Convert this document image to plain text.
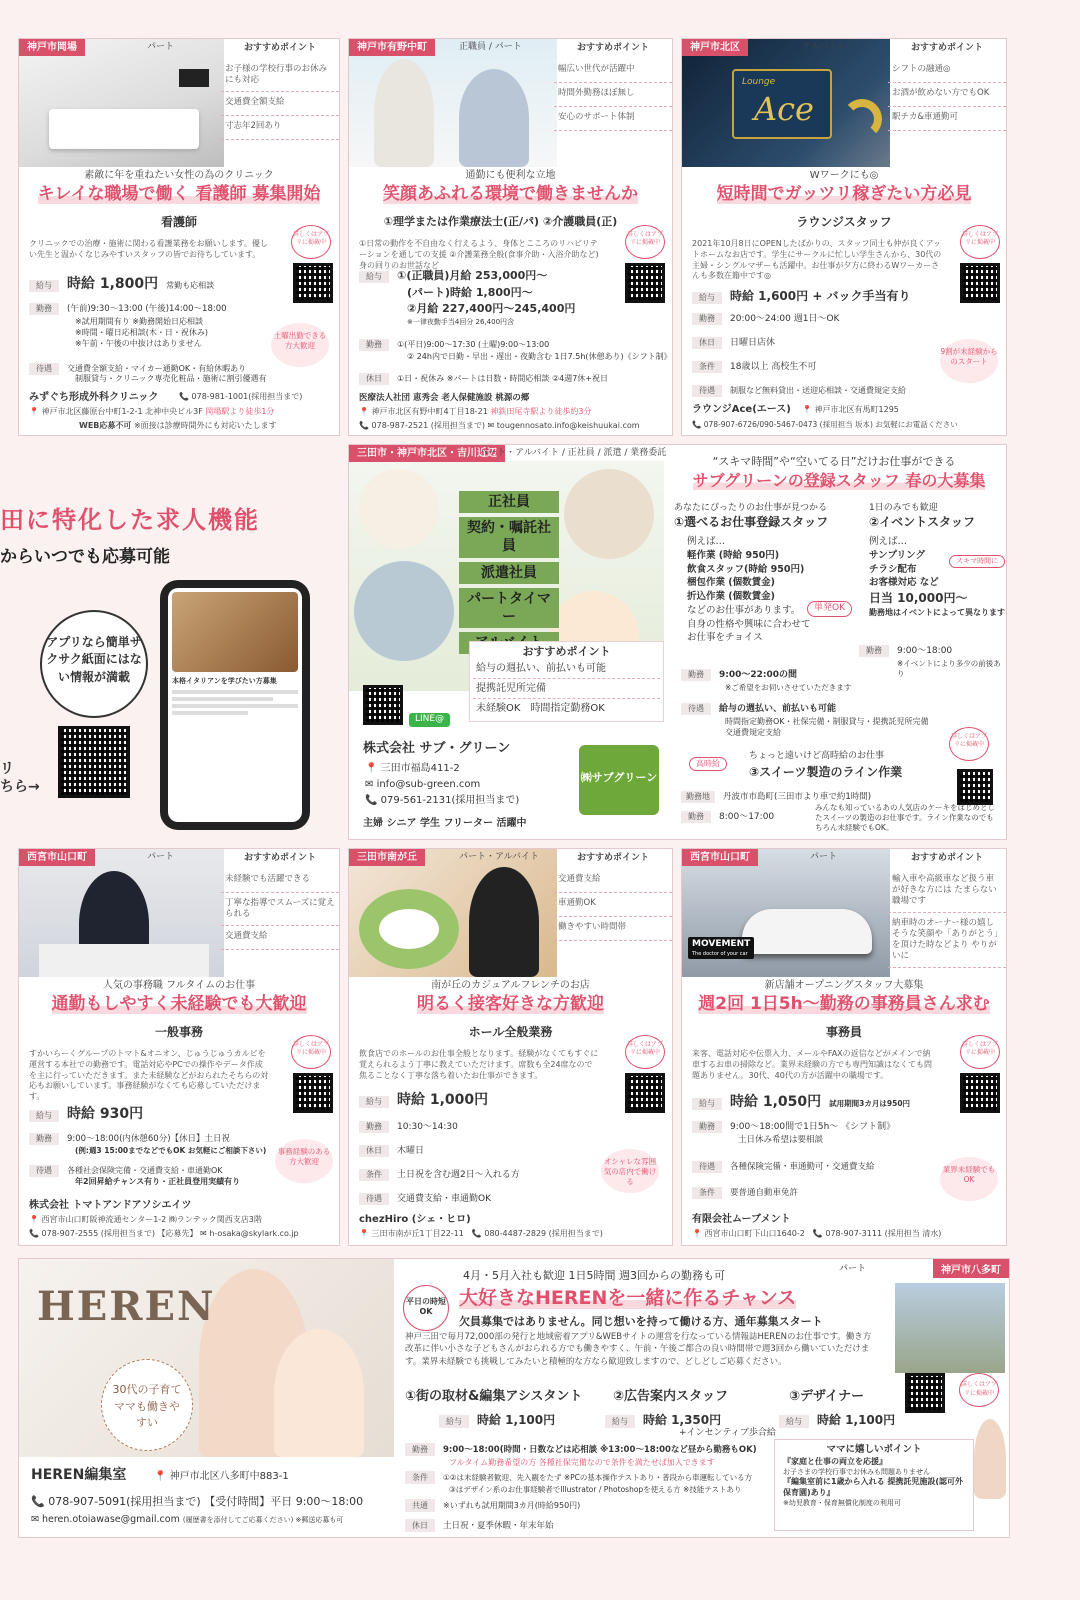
神戸市岡場	パート	おすすめポイント
お子様の学校行事のお休みにも対応
交通費全額支給
寸志年2回あり
素敵に年を重ねたい女性の為のクリニック
キレイな職場で働く 看護師 募集開始
看護師
クリニックでの治療・施術に関わる看護業務をお願いします。優しい先生と温かくなじみやすいスタッフの皆でお待ちしています。
詳しくはアプリに掲載中
給与	時給 1,800円 常勤も応相談
勤務	(午前)9:30〜13:00 (午後)14:00〜18:00
※試用期間有り ※勤務開始日応相談
※時間・曜日応相談(木・日・祝休み)
※午前・午後の中抜けはありません
土曜出勤できる方大歓迎
待遇	交通費全額支給・マイカー通勤OK・有給休暇あり
制服貸与・クリニック専売化粧品・施術に割引優遇有
みずぐち形成外科クリニック	📞 078-981-1001(採用担当まで)
📍 神戸市北区藤原台中町1-2-1 北神中央ビル3F 岡場駅より徒歩1分
WEB応募不可 ※面接は診療時間外にも対応いたします
神戸市有野中町	正職員 / パート	おすすめポイント
幅広い世代が活躍中
時間外勤務ほぼ無し
安心のサポート体制
通勤にも便利な立地
笑顔あふれる環境で働きませんか
①理学または作業療法士(正/パ) ②介護職員(正)
①日常の動作を不自由なく行えるよう、身体とこころのリハビリテーションを通しての支援 ②介護業務全般(食事介助・入浴介助など)身の回りのお世話など
詳しくはアプリに掲載中
給与	①(正職員)月給 253,000円〜
(パート)時給 1,800円〜
②月給 227,400円〜245,400円
※一律夜勤手当4回分 26,400円含
勤務	①(平日)9:00〜17:30 (土曜)9:00〜13:00
② 24h内で日勤・早出・遅出・夜勤含む 1日7.5h(休憩あり)《シフト制》
休日	①日・祝休み ※パートは日数・時間応相談 ②4週7休+祝日
医療法人社団 恵秀会 老人保健施設 桃源の郷
📍 神戸市北区有野中町4丁目18-21 神鉄田尾寺駅より徒歩約3分
📞 078-987-2521 (採用担当まで) ✉ tougennosato.info@keishuukai.com
Lounge
Ace
神戸市北区	アルバイト	おすすめポイント
シフトの融通◎
お酒が飲めない方でもOK
駅チカ&車通勤可
Wワークにも◎
短時間でガッツリ稼ぎたい方必見
ラウンジスタッフ
2021年10月8日にOPENしたばかりの、スタッフ同士も仲が良くアットホームなお店です。学生にサークルに忙しい学生さんから、30代の主婦・シングルマザーも活躍中。お仕事が夕方に終わるWワーカーさんも多数在籍中です◎
詳しくはアプリに掲載中
給与	時給 1,600円 + バック手当有り
勤務	20:00〜24:00 週1日〜OK
休日	日曜日店休
条件	18歳以上 高校生不可
待遇	制服など無料貸出・送迎応相談・交通費規定支給
9割が未経験からのスタート
ラウンジAce(エース) 📍 神戸市北区有馬町1295
📞 078-907-6726/090-5467-0473 (採用担当 坂本) お気軽にお電話ください
田に特化した求人機能
からいつでも応募可能
アプリなら簡単サクサク紙面にはない情報が満載	本格イタリアンを学びたい方募集
リ
ちら→
三田市・神戸市北区・吉川近辺
パート・アルバイト / 正社員 / 派遣 / 業務委託
正社員
契約・嘱託社員
派遣社員
パートタイマー
おすすめポイント
給与の週払い、前払いも可能
提携託児所完備
未経験OK　 時間指定勤務OK
LINE@
株式会社 サブ・グリーン
📍 三田市福島411-2
✉ info@sub-green.com
📞 079-561-2131(採用担当まで)
主婦 シニア 学生 フリーター 活躍中
㈱サブグリーン
“スキマ時間”や“空いてる日”だけお仕事ができる
サブグリーンの登録スタッフ 春の大募集
あなたにぴったりのお仕事が見つかる
①選べるお仕事登録スタッフ
例えば…
軽作業 (時給 950円)
飲食スタッフ(時給 950円)
梱包作業 (個数賃金)
折込作業 (個数賃金)
などのお仕事があります。
自身の性格や興味に合わせて
お仕事をチョイス
単発OK
1日のみでも歓迎
②イベントスタッフ
例えば…
サンプリング
チラシ配布
お客様対応 など
日当 10,000円〜
勤務地はイベントによって異なります
スキマ時間に
勤務	9:00〜22:00の間
※ご希望をお伺いさせていただきます
勤務	9:00〜18:00
※イベントにより多少の前後あり
待遇	給与の週払い、前払いも可能
時間指定勤務OK・社保完備・制服貸与・提携託児所完備
交通費規定支給	詳しくはアプリに掲載中
ちょっと遠いけど高時給のお仕事
③スイーツ製造のライン作業
高時給
勤務地	丹波市市島町(三田市より車で約1時間)
勤務	8:00〜17:00
みんなも知っているあの人気店のケーキをはじめとしたスイーツの製造のお仕事です。ライン作業なのでもちろん未経験でもOK。
西宮市山口町	パート	おすすめポイント
未経験でも活躍できる
丁寧な指導でスムーズに覚えられる
交通費支給
人気の事務職 フルタイムのお仕事
通勤もしやすく未経験でも大歓迎
一般事務
すかいらーくグループのトマト&オニオン、じゅうじゅうカルビを運営する本社での勤務です。電話対応やPCでの操作やデータ作成を主に行っていただきます。また未経験などがおられたそちらの対応もお願いしています。事務経験がなくても応募していただけます。
詳しくはアプリに掲載中
給与	時給 930円
勤務	9:00〜18:00(内休憩60分)【休日】土日祝
(例:週3 15:00までなどでもOK お気軽にご相談下さい)	事務経験のある方大歓迎
待遇	各種社会保険完備・交通費支給・車通勤OK
年2回昇給チャンス有り・正社員登用実績有り
株式会社 トマトアンドアソシエイツ
📍 西宮市山口町阪神流通センター1-2 ㈱ランテック関西支店3階
📞 078-907-2555 (採用担当まで) 【応募先】 ✉ h-osaka@skylark.co.jp
三田市南が丘	パート・アルバイト	おすすめポイント
交通費支給
車通勤OK
働きやすい時間帯
南が丘のカジュアルフレンチのお店
明るく接客好きな方歓迎
ホール全般業務
飲食店でのホールのお仕事全般となります。経験がなくてもすぐに覚えられるよう丁寧に教えていただけます。席数も全24席なので焦ることなく丁寧な落ち着いたお仕事ができます。
詳しくはアプリに掲載中
給与	時給 1,000円
勤務	10:30〜14:30
休日	木曜日
条件	土日祝を含む週2日〜入れる方
待遇	交通費支給・車通勤OK
オシャレな雰囲気の店内で働ける
chezHiro (シェ・ヒロ)
📍 三田市南が丘1丁目22-11　📞 080-4487-2829 (採用担当まで)
MOVEMENT
The doctor of your car
西宮市山口町	パート	おすすめポイント
輸入車や高級車など扱う車が好きな方には たまらない職場です
納車時のオーナー様の嬉しそうな笑顔や「ありがとう」を頂けた時などより やりがいに
新店舗オープニングスタッフ大募集
週2回 1日5h〜勤務の事務員さん求む
事務員
来客、電話対応や伝票入力、メールやFAXの返信などがメインで納車するお車の掃除など。業界未経験の方でも専門知識はなくても問題ありません。30代、40代の方が活躍中の職場です。
詳しくはアプリに掲載中
給与	時給 1,050円 試用期間3カ月は950円
勤務	9:00〜18:00間で1日5h〜 《シフト制》
土日休み希望は要相談
待遇	各種保険完備・車通勤可・交通費支給
条件	要普通自動車免許
業界未経験でもOK
有限会社ムーブメント
📍 西宮市山口町下山口1640-2　📞 078-907-3111 (採用担当 清水)
HEREN
30代の子育てママも働きやすい
HEREN編集室	📍 神戸市北区八多町中883-1
📞 078-907-5091(採用担当まで) 【受付時間】平日 9:00〜18:00
✉ heren.otoiawase@gmail.com (履歴書を添付してご応募ください) ※郵送応募も可
平日の時短OK
4月・5月入社も歓迎 1日5時間 週3回からの勤務も可	パート	神戸市八多町
大好きなHERENを一緒に作るチャンス
欠員募集ではありません。同じ想いを持って働ける方、通年募集スタート
神戸三田で毎月72,000部の発行と地域密着アプリ&WEBサイトの運営を行なっている情報誌HERENのお仕事です。働き方改革に伴い小さな子どもさんがおられる方でも働きやすく、午前・午後ご都合の良い時間帯で週3回から働いていただけます。業界未経験でも挑戦してみたいと積極的な方なら歓迎致しますので、どしどしご応募ください。
詳しくはアプリに掲載中
①街の取材&編集アシスタント
給与	時給 1,100円
②広告案内スタッフ
給与	時給 1,350円
+インセンティブ歩合給
③デザイナー
給与	時給 1,100円
勤務	9:00〜18:00(時間・日数などは応相談 ※13:00〜18:00など昼から勤務もOK)
フルタイム勤務希望の方 各種社保完備なので条件を満たせば加入できます
条件	①②は未経験者歓迎、先入観をたず ※PCの基本操作テストあり・普段から車運転している方
③はデザイン系のお仕事経験者でIllustrator / Photoshopを使える方 ※技能テストあり
共通	※いずれも試用期間3カ月(時給950円)
休日	土日祝・夏季休暇・年末年始
ママに嬉しいポイント
『家庭と仕事の両立を応援』
お子さまの学校行事でお休みも問題ありません
『編集室前に1歳から入れる 提携託児施設(認可外保育園)あり』
※幼児教育・保育無償化制度の利用可
